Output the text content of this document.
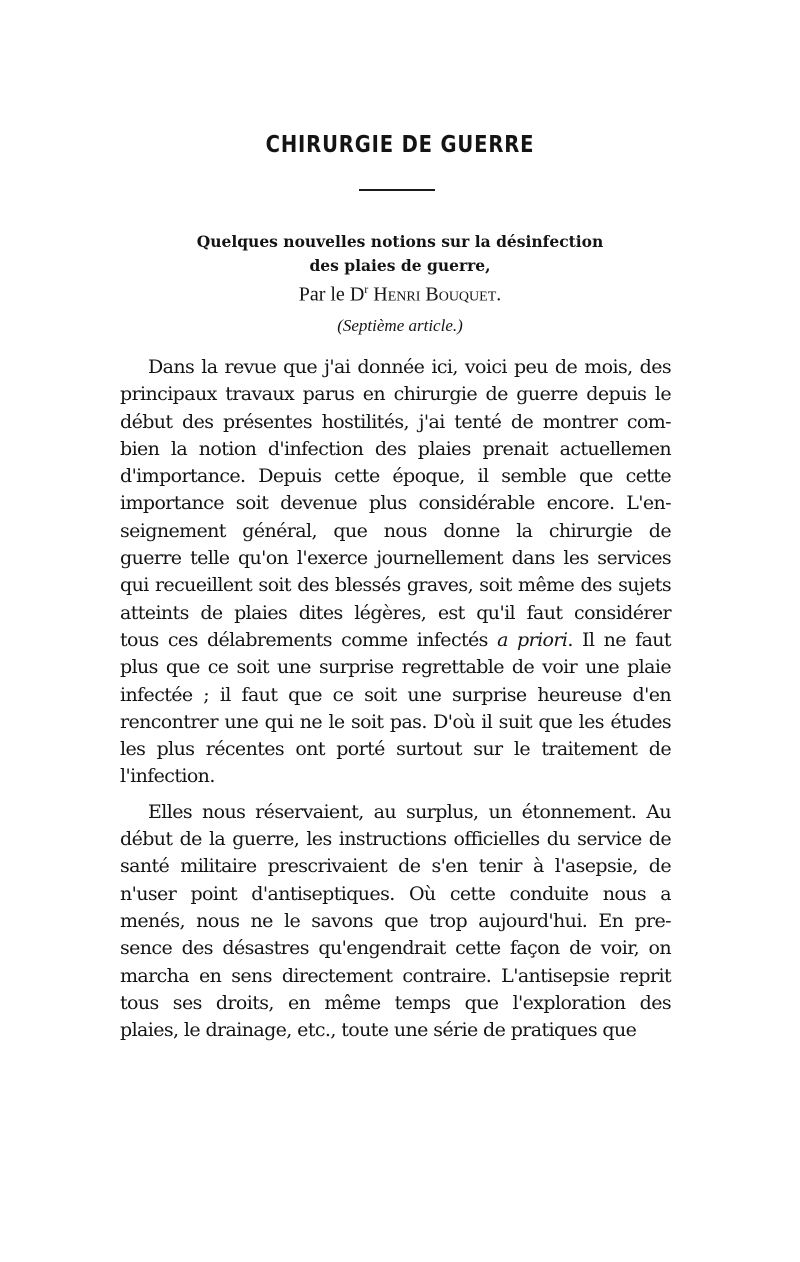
CHIRURGIE DE GUERRE
Quelques nouvelles notions sur la désinfection
des plaies de guerre,

Par le $D^r$ Henri Bouquet.

(Septième article.)

Dans la revue que j'ai donnée ici, voici peu de mois, des
principaux travaux parus en chirurgie de guerre depuis le
début des présentes hostilités, j'ai tenté de montrer com-
bien la notion d'infection des plaies prenait actuellemen
d'importance. Depuis cette époque, il semble que cette
importance soit devenue plus considérable encore. L'en-
seignement général, que nous donne la chirurgie de
guerre telle qu'on l'exerce journellement dans les services
qui recueillent soit des blessés graves, soit même des sujets
atteints de plaies dites légères, est qu'il faut considérer
tous ces délabrements comme infectés a priori. Il ne faut
plus que ce soit une surprise regrettable de voir une plaie
infectée ; il faut que ce soit une surprise heureuse d'en
rencontrer une qui ne le soit pas. D'où il suit que les études
les plus récentes ont porté surtout sur le traitement de
l'infection.

Elles nous réservaient, au surplus, un étonnement. Au
début de la guerre, les instructions officielles du service de
santé militaire prescrivaient de s'en tenir à l'asepsie, de
n'user point d'antiseptiques. Où cette conduite nous a
menés, nous ne le savons que trop aujourd'hui. En pre-
sence des désastres qu'engendrait cette façon de voir, on
marcha en sens directement contraire. L'antisepsie reprit
tous ses droits, en même temps que l'exploration des
plaies, le drainage, etc., toute une série de pratiques que
